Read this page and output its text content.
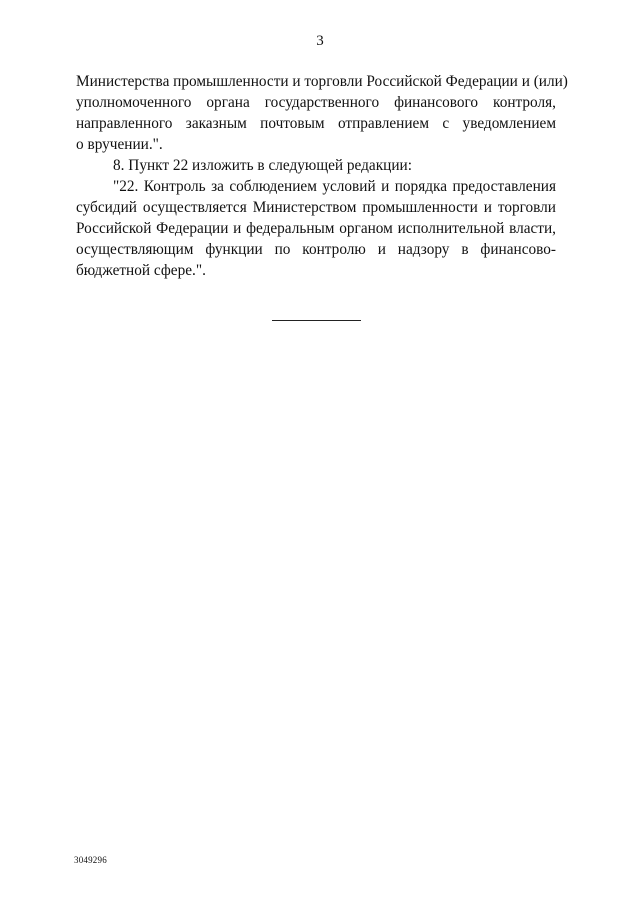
3
Министерства промышленности и торговли Российской Федерации и (или)
уполномоченного органа государственного финансового контроля,
направленного заказным почтовым отправлением с уведомлением
о вручении.".
8. Пункт 22 изложить в следующей редакции:
"22. Контроль за соблюдением условий и порядка предоставления
субсидий осуществляется Министерством промышленности и торговли
Российской Федерации и федеральным органом исполнительной власти,
осуществляющим функции по контролю и надзору в финансово-
бюджетной сфере.".
3049296
